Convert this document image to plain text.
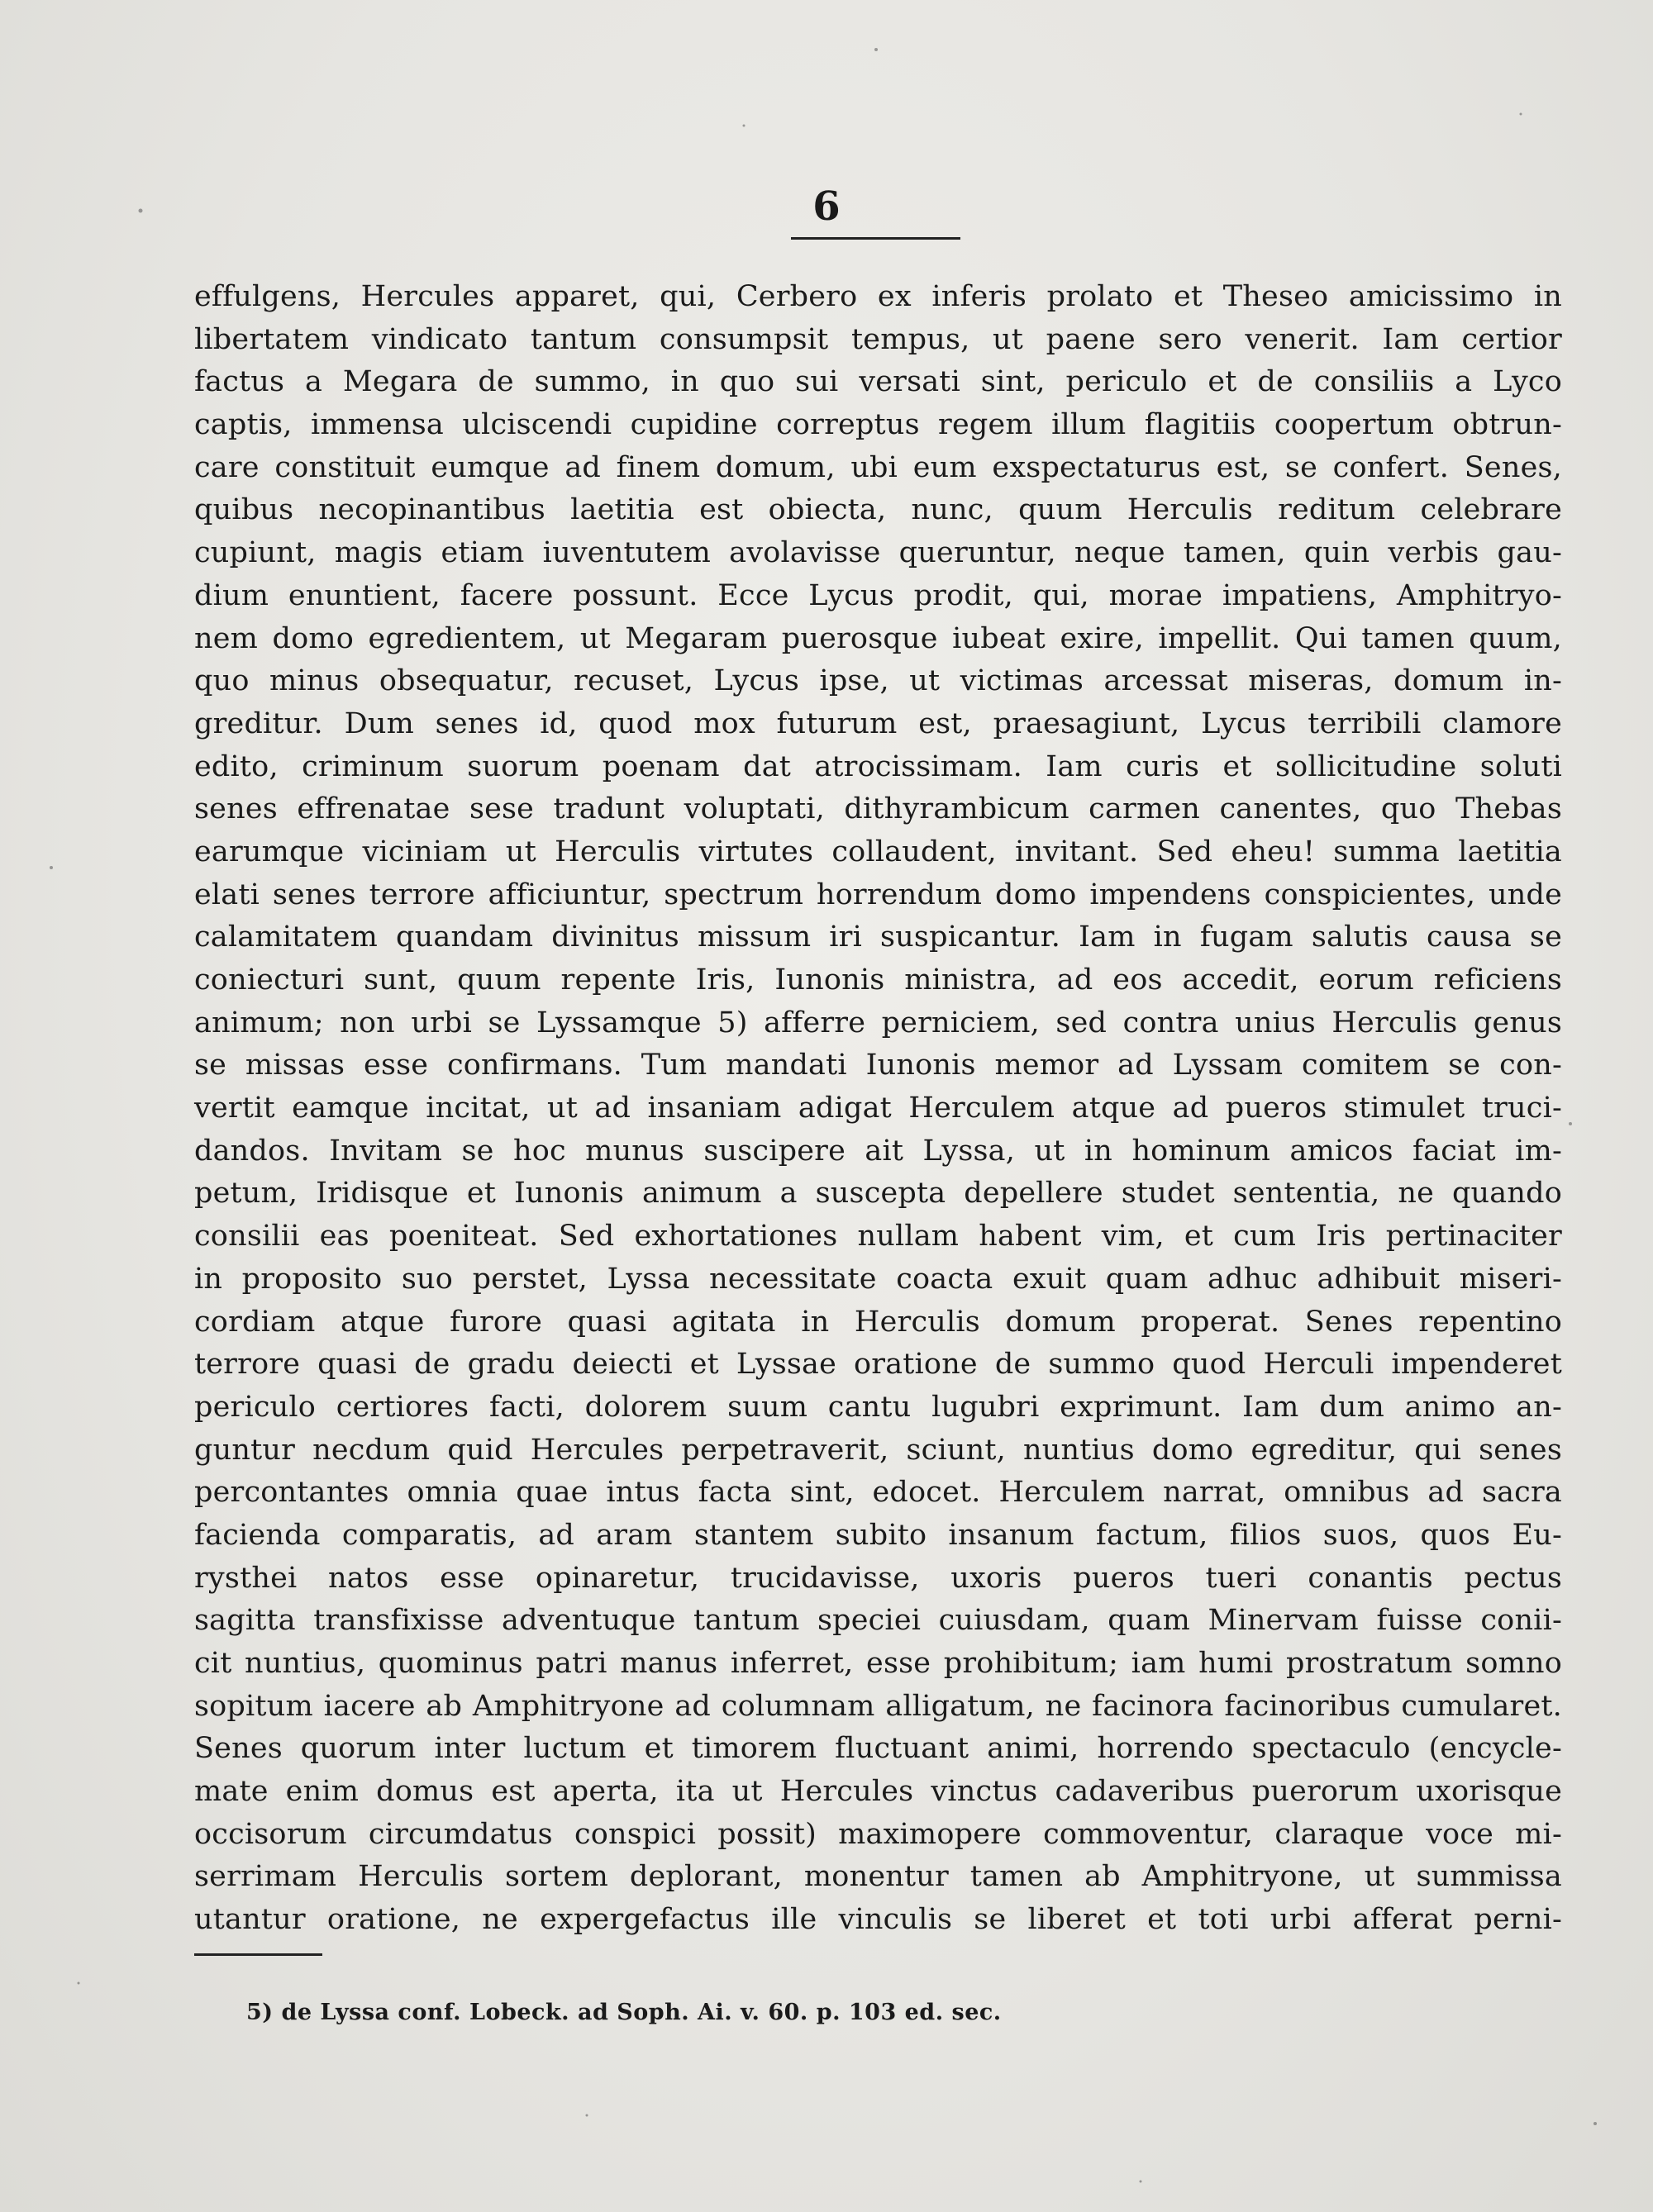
6
effulgens, Hercules apparet, qui, Cerbero ex inferis prolato et Theseo amicissimo in
libertatem vindicato tantum consumpsit tempus, ut paene sero venerit. Iam certior
factus a Megara de summo, in quo sui versati sint, periculo et de consiliis a Lyco
captis, immensa ulciscendi cupidine correptus regem illum flagitiis coopertum obtrun-
care constituit eumque ad finem domum, ubi eum exspectaturus est, se confert. Senes,
quibus necopinantibus laetitia est obiecta, nunc, quum Herculis reditum celebrare
cupiunt, magis etiam iuventutem avolavisse queruntur, neque tamen, quin verbis gau-
dium enuntient, facere possunt. Ecce Lycus prodit, qui, morae impatiens, Amphitryo-
nem domo egredientem, ut Megaram puerosque iubeat exire, impellit. Qui tamen quum,
quo minus obsequatur, recuset, Lycus ipse, ut victimas arcessat miseras, domum in-
greditur. Dum senes id, quod mox futurum est, praesagiunt, Lycus terribili clamore
edito, criminum suorum poenam dat atrocissimam. Iam curis et sollicitudine soluti
senes effrenatae sese tradunt voluptati, dithyrambicum carmen canentes, quo Thebas
earumque viciniam ut Herculis virtutes collaudent, invitant. Sed eheu! summa laetitia
elati senes terrore afficiuntur, spectrum horrendum domo impendens conspicientes, unde
calamitatem quandam divinitus missum iri suspicantur. Iam in fugam salutis causa se
coniecturi sunt, quum repente Iris, Iunonis ministra, ad eos accedit, eorum reficiens
animum; non urbi se Lyssamque 5) afferre perniciem, sed contra unius Herculis genus
se missas esse confirmans. Tum mandati Iunonis memor ad Lyssam comitem se con-
vertit eamque incitat, ut ad insaniam adigat Herculem atque ad pueros stimulet truci-
dandos. Invitam se hoc munus suscipere ait Lyssa, ut in hominum amicos faciat im-
petum, Iridisque et Iunonis animum a suscepta depellere studet sententia, ne quando
consilii eas poeniteat. Sed exhortationes nullam habent vim, et cum Iris pertinaciter
in proposito suo perstet, Lyssa necessitate coacta exuit quam adhuc adhibuit miseri-
cordiam atque furore quasi agitata in Herculis domum properat. Senes repentino
terrore quasi de gradu deiecti et Lyssae oratione de summo quod Herculi impenderet
periculo certiores facti, dolorem suum cantu lugubri exprimunt. Iam dum animo an-
guntur necdum quid Hercules perpetraverit, sciunt, nuntius domo egreditur, qui senes
percontantes omnia quae intus facta sint, edocet. Herculem narrat, omnibus ad sacra
facienda comparatis, ad aram stantem subito insanum factum, filios suos, quos Eu-
rysthei natos esse opinaretur, trucidavisse, uxoris pueros tueri conantis pectus
sagitta transfixisse adventuque tantum speciei cuiusdam, quam Minervam fuisse conii-
cit nuntius, quominus patri manus inferret, esse prohibitum; iam humi prostratum somno
sopitum iacere ab Amphitryone ad columnam alligatum, ne facinora facinoribus cumularet.
Senes quorum inter luctum et timorem fluctuant animi, horrendo spectaculo (encycle-
mate enim domus est aperta, ita ut Hercules vinctus cadaveribus puerorum uxorisque
occisorum circumdatus conspici possit) maximopere commoventur, claraque voce mi-
serrimam Herculis sortem deplorant, monentur tamen ab Amphitryone, ut summissa
utantur oratione, ne expergefactus ille vinculis se liberet et toti urbi afferat perni-
5) de Lyssa conf. Lobeck. ad Soph. Ai. v. 60. p. 103 ed. sec.
